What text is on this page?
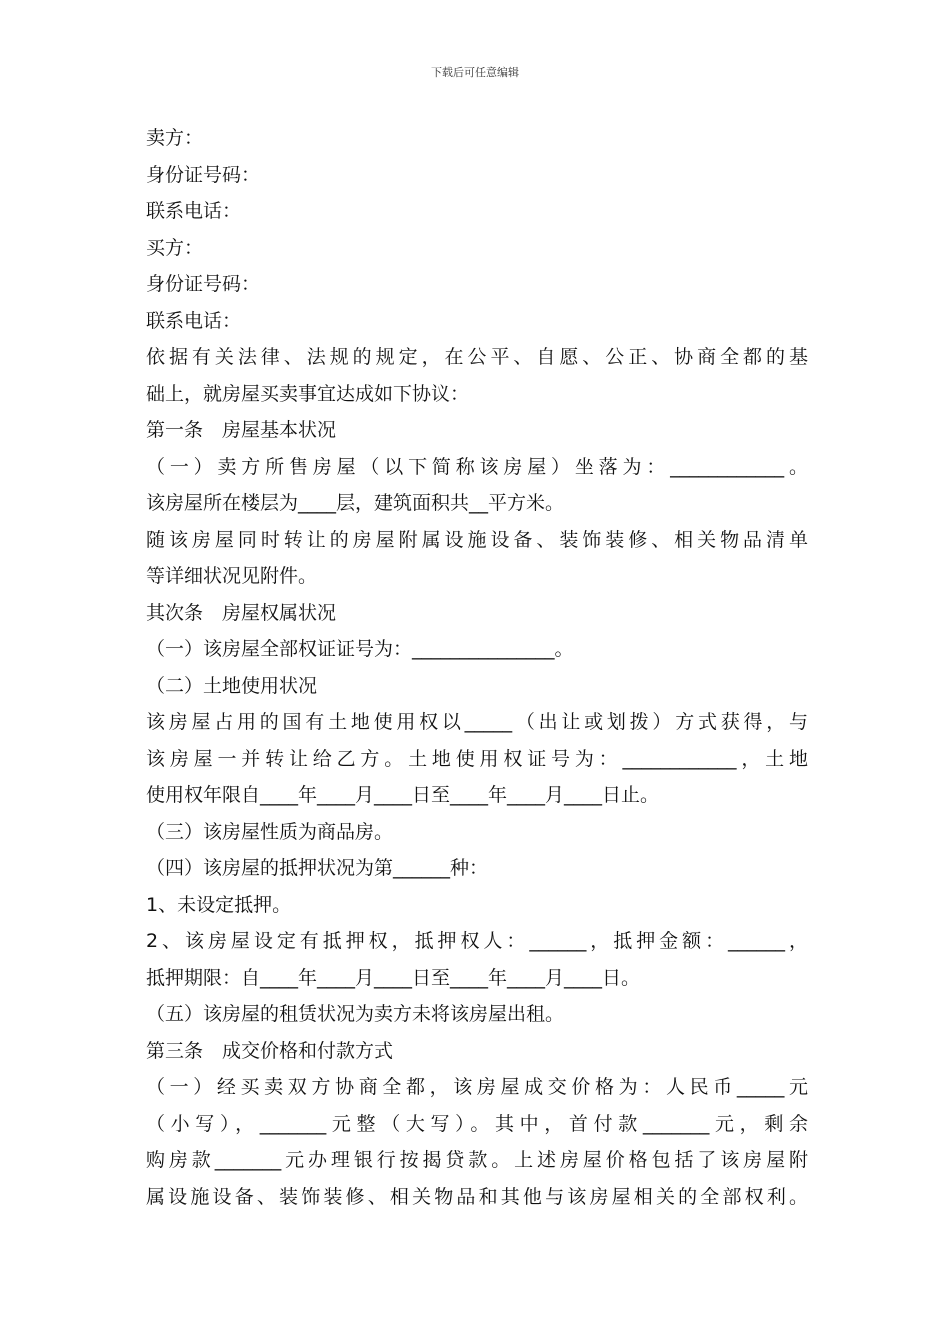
下载后可任意编辑
卖方：
身份证号码：
联系电话：
买方：
身份证号码：
联系电话：
依据有关法律、法规的规定，在公平、自愿、公正、协商全都的基
础上，就房屋买卖事宜达成如下协议：
第一条　房屋基本状况
（一）卖方所售房屋（以下简称该房屋）坐落为：____________。
该房屋所在楼层为____层，建筑面积共__平方米。
随该房屋同时转让的房屋附属设施设备、装饰装修、相关物品清单
等详细状况见附件。
其次条　房屋权属状况
（一）该房屋全部权证证号为：_______________。
（二）土地使用状况
该房屋占用的国有土地使用权以_____（出让或划拨）方式获得，与
该房屋一并转让给乙方。土地使用权证号为：____________，土地
使用权年限自____年____月____日至____年____月____日止。
（三）该房屋性质为商品房。
（四）该房屋的抵押状况为第______种：
1、未设定抵押。
2、该房屋设定有抵押权，抵押权人：______，抵押金额：______，
抵押期限：自____年____月____日至____年____月____日。
（五）该房屋的租赁状况为卖方未将该房屋出租。
第三条　成交价格和付款方式
（一）经买卖双方协商全都，该房屋成交价格为：人民币_____元
（小写），_______元整（大写）。其中，首付款_______元，剩余
购房款_______元办理银行按揭贷款。上述房屋价格包括了该房屋附
属设施设备、装饰装修、相关物品和其他与该房屋相关的全部权利。
